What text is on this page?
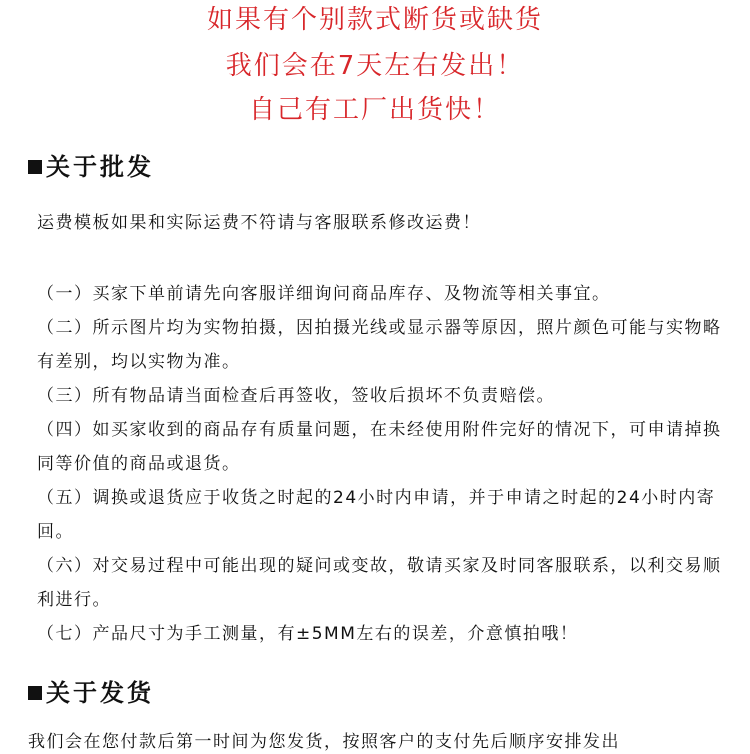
如果有个别款式断货或缺货
我们会在7天左右发出！
自己有工厂出货快！
关于批发
运费模板如果和实际运费不符请与客服联系修改运费！
（一）买家下单前请先向客服详细询问商品库存、及物流等相关事宜。
（二）所示图片均为实物拍摄，因拍摄光线或显示器等原因，照片颜色可能与实物略有差别，均以实物为准。
（三）所有物品请当面检查后再签收，签收后损坏不负责赔偿。
（四）如买家收到的商品存有质量问题，在未经使用附件完好的情况下，可申请掉换同等价值的商品或退货。
（五）调换或退货应于收货之时起的24小时内申请，并于申请之时起的24小时内寄回。
（六）对交易过程中可能出现的疑问或变故，敬请买家及时同客服联系，以利交易顺利进行。
（七）产品尺寸为手工测量，有±5MM左右的误差，介意慎拍哦！
关于发货
我们会在您付款后第一时间为您发货，按照客户的支付先后顺序安排发出
